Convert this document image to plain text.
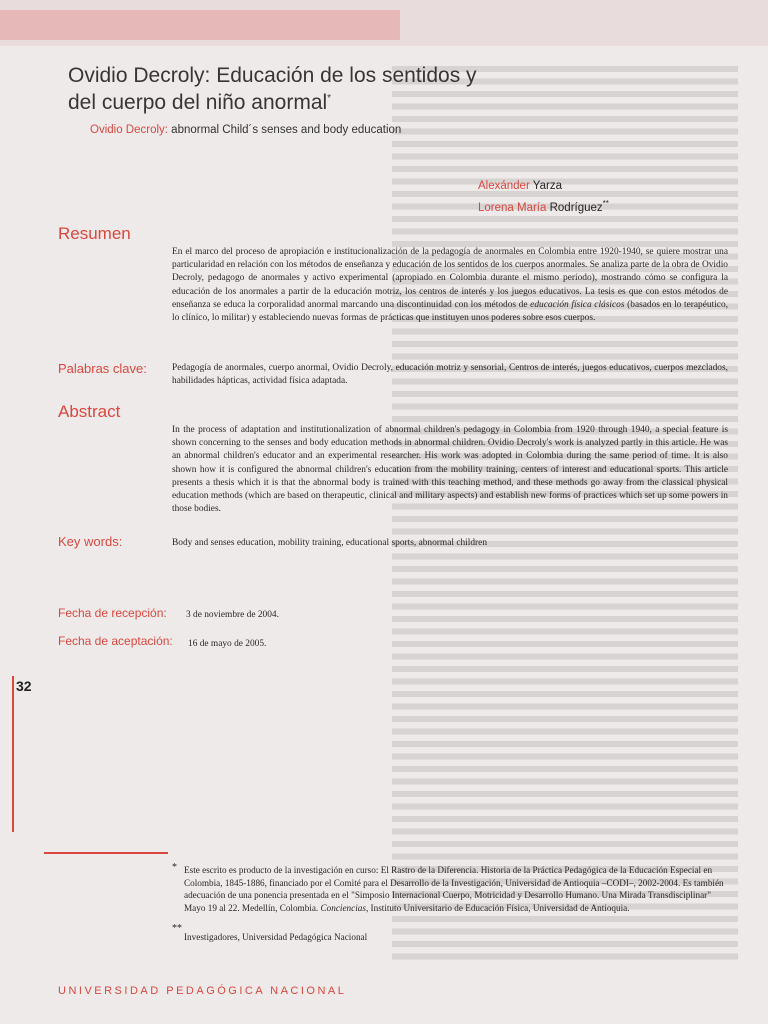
Ovidio Decroly: Educación de los sentidos y
del cuerpo del niño anormal*
Ovidio Decroly: abnormal Child´s senses and body education
Alexánder Yarza
Lorena María Rodríguez**
Resumen

En el marco del proceso de apropiación e institucionalización de la pedagogía de anormales en Colombia entre 1920-1940, se quiere mostrar una particularidad en relación con los métodos de enseñanza y educación de los sentidos de los cuerpos anormales. Se analiza parte de la obra de Ovidio Decroly, pedagogo de anormales y activo experimental (apropiado en Colombia durante el mismo período), mostrando cómo se configura la educación de los anormales a partir de la educación motriz, los centros de interés y los juegos educativos. La tesis es que con estos métodos de enseñanza se educa la corporalidad anormal marcando una discontinuidad con los métodos de educación física clásicos (basados en lo terapéutico, lo clínico, lo militar) y estableciendo nuevas formas de prácticas que instituyen unos poderes sobre esos cuerpos.

Palabras clave:	Pedagogía de anormales, cuerpo anormal, Ovidio Decroly, educación motriz y sensorial, Centros de interés, juegos educativos, cuerpos mezclados, habilidades hápticas, actividad física adaptada.

Abstract

In the process of adaptation and institutionalization of abnormal children's pedagogy in Colombia from 1920 through 1940, a special feature is shown concerning to the senses and body education methods in abnormal children. Ovidio Decroly's work is analyzed partly in this article. He was an abnormal children's educator and an experimental researcher. His work was adopted in Colombia during the same period of time. It is also shown how it is configured the abnormal children's education from the mobility training, centers of interest and educational sports. This article presents a thesis which it is that the abnormal body is trained with this teaching method, and these methods go away from the classical physical education methods (which are based on therapeutic, clinical and military aspects) and establish new forms of practices which set up some powers in those bodies.

Key words:	Body and senses education, mobility training, educational sports, abnormal children

Fecha de recepción: 3 de noviembre de 2004.
Fecha de aceptación: 16 de mayo de 2005.
32
* Este escrito es producto de la investigación en curso: El Rastro de la Diferencia. Historia de la Práctica Pedagógica de la Educación Especial en Colombia, 1845-1886, financiado por el Comité para el Desarrollo de la Investigación, Universidad de Antioquia –CODI–, 2002-2004. Es también adecuación de una ponencia presentada en el "Simposio Internacional Cuerpo, Motricidad y Desarrollo Humano. Una Mirada Transdisciplinar" Mayo 19 al 22. Medellín, Colombia. Conciencias, Instituto Universitario de Educación Física, Universidad de Antioquia.

**

Investigadores, Universidad Pedagógica Nacional

UNIVERSIDAD PEDAGÓGICA NACIONAL
